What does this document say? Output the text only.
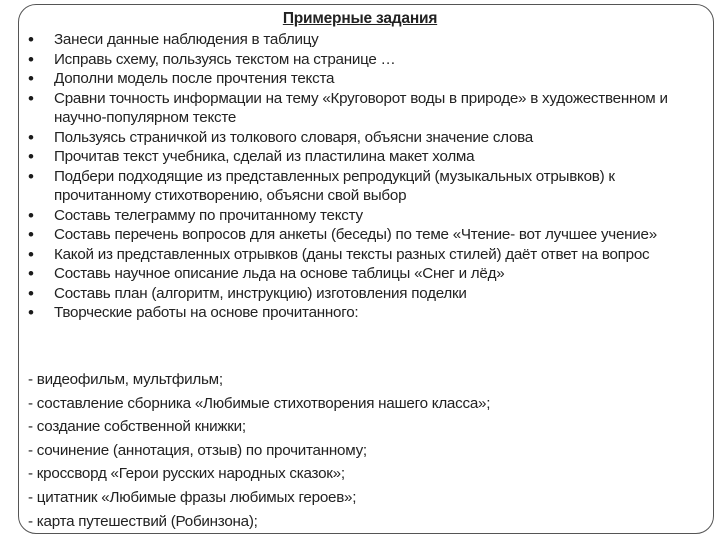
Примерные задания
• Занеси данные наблюдения в таблицу
• Исправь схему, пользуясь текстом на странице …
• Дополни модель после прочтения текста
• Сравни точность информации на тему «Круговорот воды в природе» в художественном и научно-популярном тексте
• Пользуясь страничкой из толкового словаря, объясни значение слова
• Прочитав текст учебника, сделай из пластилина макет холма
• Подбери подходящие из представленных репродукций (музыкальных отрывков) к прочитанному стихотворению, объясни свой выбор
• Составь телеграмму по прочитанному тексту
• Составь перечень вопросов для анкеты (беседы) по теме «Чтение- вот лучшее учение»
• Какой из представленных отрывков (даны тексты разных стилей) даёт ответ на вопрос
• Составь научное описание льда на основе таблицы «Снег и лёд»
• Составь план (алгоритм, инструкцию) изготовления поделки
• Творческие работы на основе прочитанного:
- видеофильм, мультфильм;
- составление сборника «Любимые стихотворения нашего класса»;
- создание собственной книжки;
- сочинение (аннотация, отзыв) по прочитанному;
- кроссворд «Герои русских народных сказок»;
- цитатник «Любимые фразы любимых героев»;
- карта путешествий (Робинзона);
